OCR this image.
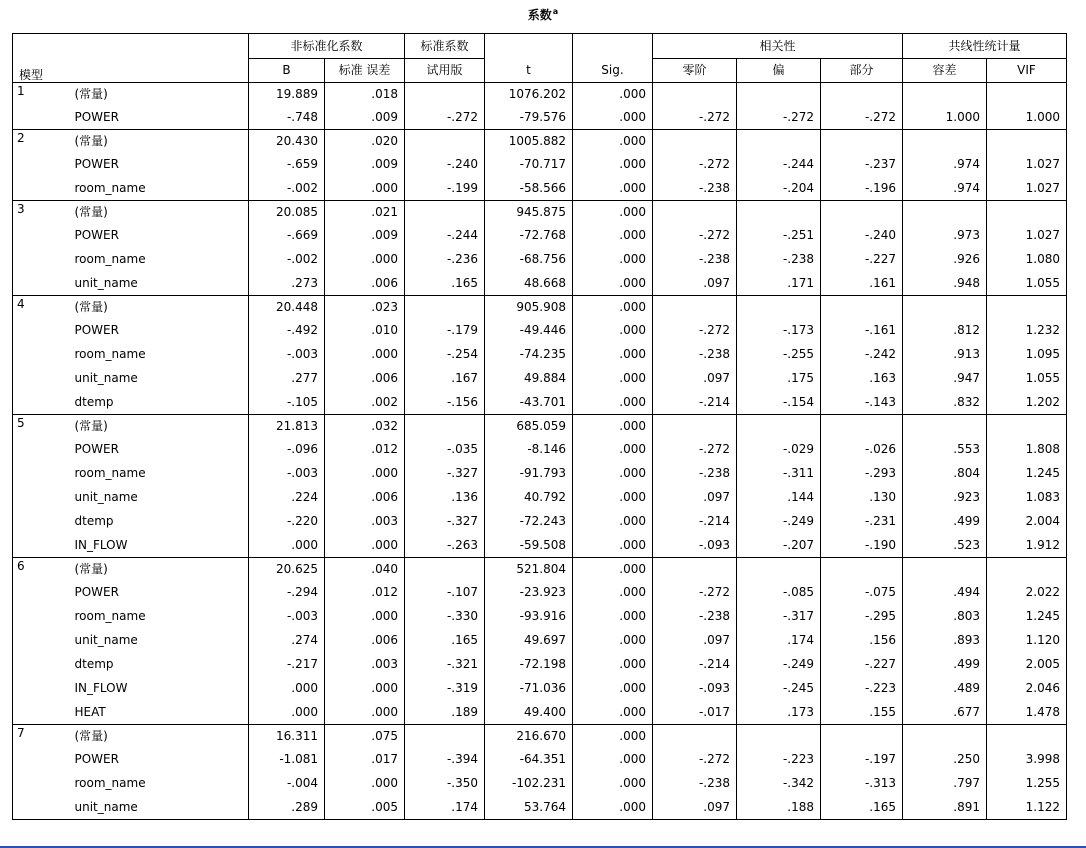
系数$^a$
		非标准化系数		标准系数			相关性			共线性统计量	
模型		B	标准 误差	试用版	t	Sig.	零阶	偏	部分	容差	VIF
1	(常量)	19.889	.018		1076.202	.000					
	POWER	-.748	.009	-.272	-79.576	.000	-.272	-.272	-.272	1.000	1.000
2	(常量)	20.430	.020		1005.882	.000					
	POWER	-.659	.009	-.240	-70.717	.000	-.272	-.244	-.237	.974	1.027
	room_name	-.002	.000	-.199	-58.566	.000	-.238	-.204	-.196	.974	1.027
3	(常量)	20.085	.021		945.875	.000					
	POWER	-.669	.009	-.244	-72.768	.000	-.272	-.251	-.240	.973	1.027
	room_name	-.002	.000	-.236	-68.756	.000	-.238	-.238	-.227	.926	1.080
	unit_name	.273	.006	.165	48.668	.000	.097	.171	.161	.948	1.055
4	(常量)	20.448	.023		905.908	.000					
	POWER	-.492	.010	-.179	-49.446	.000	-.272	-.173	-.161	.812	1.232
	room_name	-.003	.000	-.254	-74.235	.000	-.238	-.255	-.242	.913	1.095
	unit_name	.277	.006	.167	49.884	.000	.097	.175	.163	.947	1.055
	dtemp	-.105	.002	-.156	-43.701	.000	-.214	-.154	-.143	.832	1.202
5	(常量)	21.813	.032		685.059	.000					
	POWER	-.096	.012	-.035	-8.146	.000	-.272	-.029	-.026	.553	1.808
	room_name	-.003	.000	-.327	-91.793	.000	-.238	-.311	-.293	.804	1.245
	unit_name	.224	.006	.136	40.792	.000	.097	.144	.130	.923	1.083
	dtemp	-.220	.003	-.327	-72.243	.000	-.214	-.249	-.231	.499	2.004
	IN_FLOW	.000	.000	-.263	-59.508	.000	-.093	-.207	-.190	.523	1.912
6	(常量)	20.625	.040		521.804	.000					
	POWER	-.294	.012	-.107	-23.923	.000	-.272	-.085	-.075	.494	2.022
	room_name	-.003	.000	-.330	-93.916	.000	-.238	-.317	-.295	.803	1.245
	unit_name	.274	.006	.165	49.697	.000	.097	.174	.156	.893	1.120
	dtemp	-.217	.003	-.321	-72.198	.000	-.214	-.249	-.227	.499	2.005
	IN_FLOW	.000	.000	-.319	-71.036	.000	-.093	-.245	-.223	.489	2.046
	HEAT	.000	.000	.189	49.400	.000	-.017	.173	.155	.677	1.478
7	(常量)	16.311	.075		216.670	.000					
	POWER	-1.081	.017	-.394	-64.351	.000	-.272	-.223	-.197	.250	3.998
	room_name	-.004	.000	-.350	-102.231	.000	-.238	-.342	-.313	.797	1.255
	unit_name	.289	.005	.174	53.764	.000	.097	.188	.165	.891	1.122
